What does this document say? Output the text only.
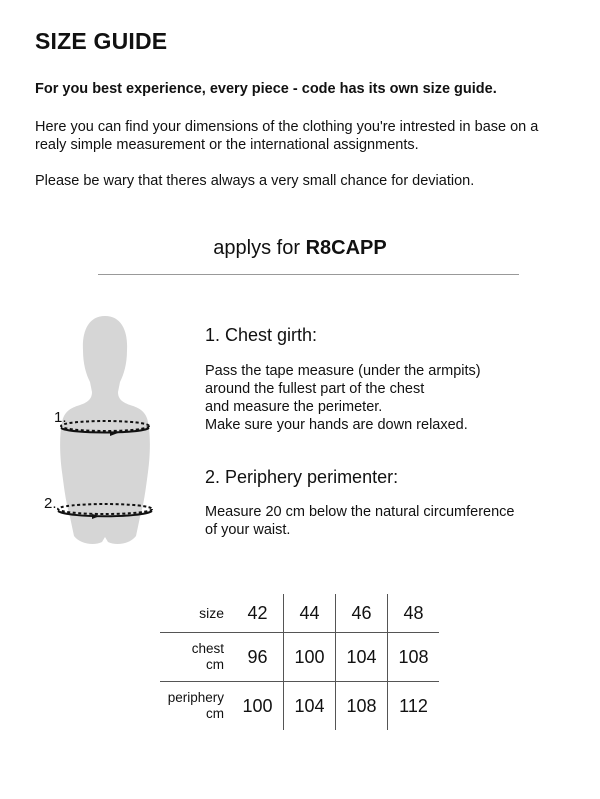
SIZE GUIDE
For you best experience, every piece - code has its own size guide.
Here you can find your dimensions of the clothing you're intrested in base on a
realy simple measurement or the international assignments.
Please be wary that theres always a very small chance for deviation.
applys for R8CAPP
1.
2.
1. Chest girth:
Pass the tape measure (under the armpits)
around the fullest part of the chest
and measure the perimeter.
Make sure your hands are down relaxed.
2. Periphery perimenter:
Measure 20 cm below the natural circumference
of your waist.
size	42	44	46	48

chest
cm	96	100	104	108

periphery
cm	100	104	108	112
